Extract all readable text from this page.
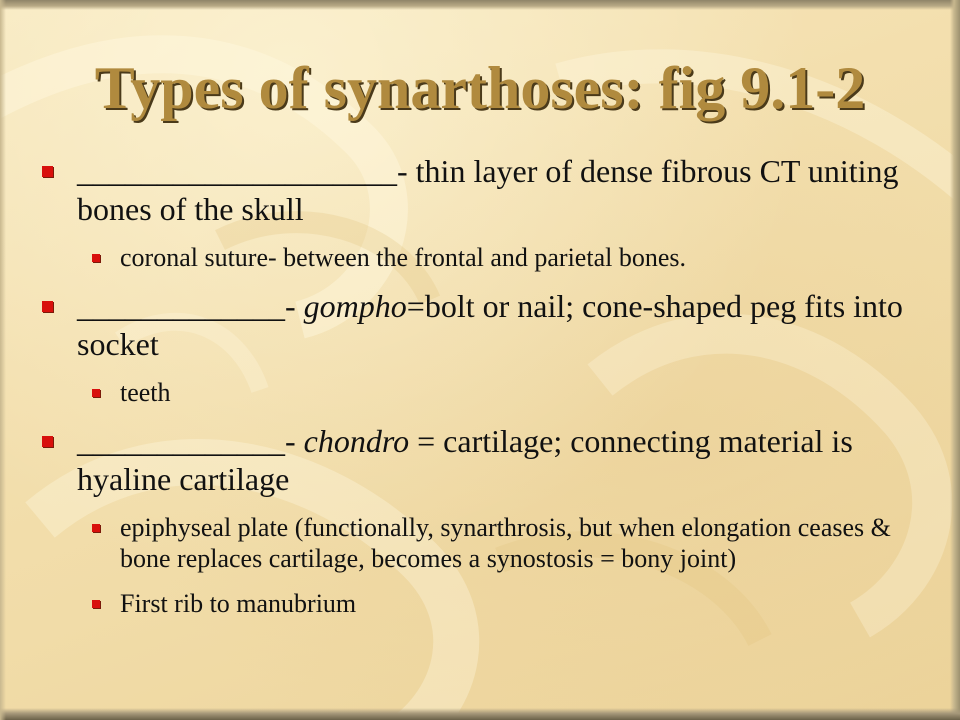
Types of synarthoses: fig 9.1-2
____________________- thin layer of dense fibrous CT uniting bones of the skull
coronal suture- between the frontal and parietal bones.
_____________- gompho=bolt or nail; cone-shaped peg fits into socket
teeth
_____________- chondro = cartilage; connecting material is hyaline cartilage
epiphyseal plate (functionally, synarthrosis, but when elongation ceases & bone replaces cartilage, becomes a synostosis = bony joint)
First rib to manubrium
